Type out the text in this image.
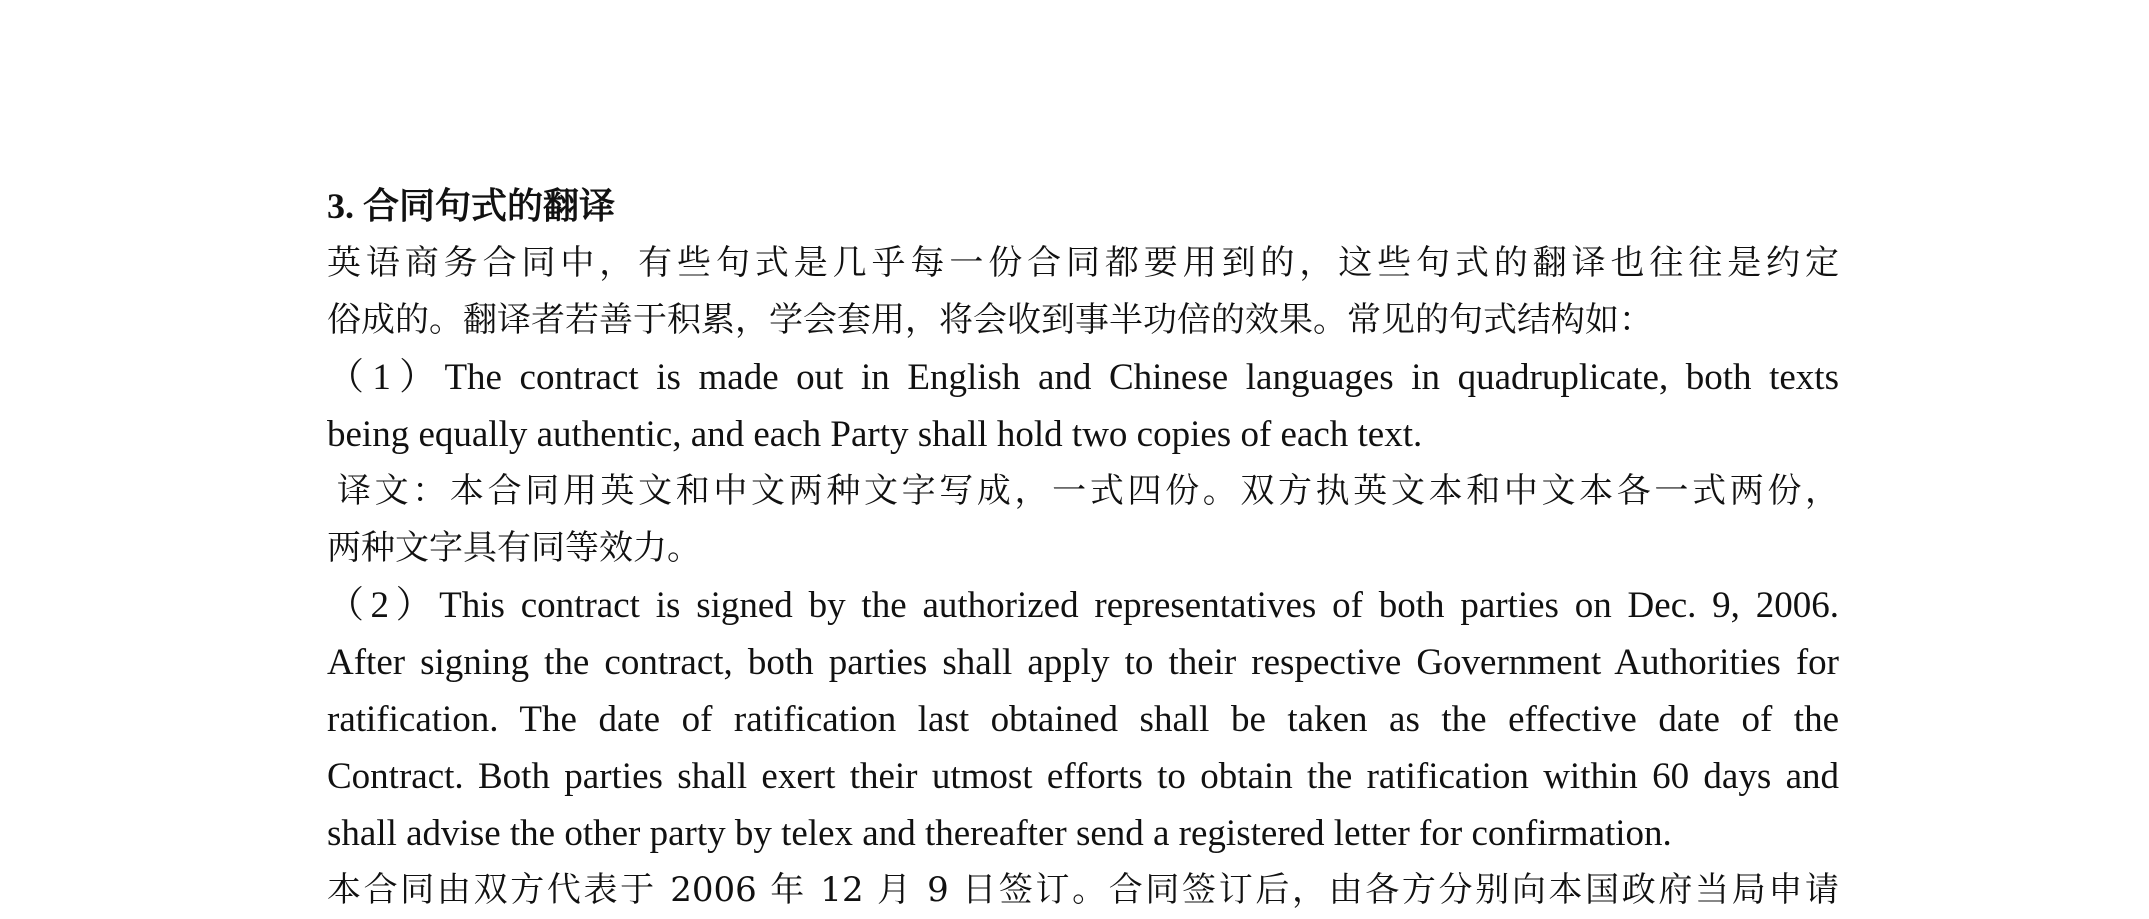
3. 合同句式的翻译
英语商务合同中，有些句式是几乎每一份合同都要用到的，这些句式的翻译也往往是约定
俗成的。翻译者若善于积累，学会套用，将会收到事半功倍的效果。常见的句式结构如：
（1）The contract is made out in English and Chinese languages in quadruplicate, both texts
being equally authentic, and each Party shall hold two copies of each text.
译文：本合同用英文和中文两种文字写成，一式四份。双方执英文本和中文本各一式两份，
两种文字具有同等效力。
（2）This contract is signed by the authorized representatives of both parties on Dec. 9, 2006.
After signing the contract, both parties shall apply to their respective Government Authorities for
ratification. The date of ratification last obtained shall be taken as the effective date of the
Contract. Both parties shall exert their utmost efforts to obtain the ratification within 60 days and
shall advise the other party by telex and thereafter send a registered letter for confirmation.
本合同由双方代表于 2006 年 12 月 9 日签订。合同签订后，由各方分别向本国政府当局申请
